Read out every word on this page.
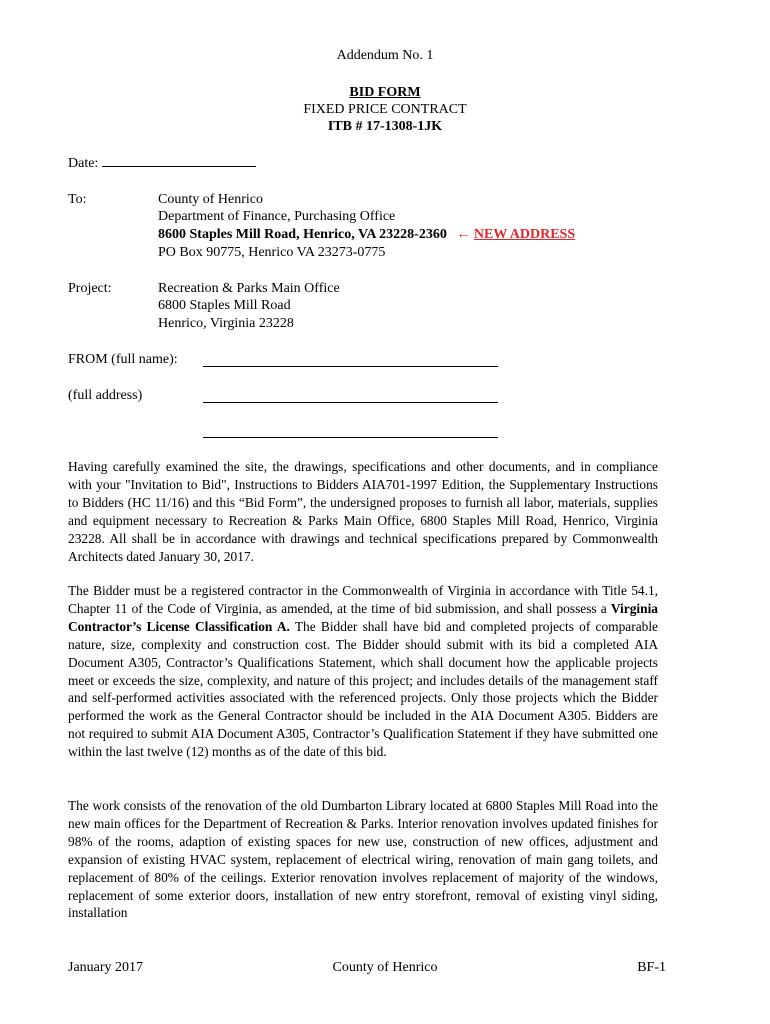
Addendum No. 1
BID FORM
FIXED PRICE CONTRACT
ITB # 17-1308-1JK
Date:
To:	County of Henrico
Department of Finance, Purchasing Office
8600 Staples Mill Road, Henrico, VA 23228-2360 ← NEW ADDRESS
PO Box 90775, Henrico VA 23273-0775
Project:	Recreation & Parks Main Office
6800 Staples Mill Road
Henrico, Virginia 23228
FROM (full name):
(full address)

Having carefully examined the site, the drawings, specifications and other documents, and in compliance with your "Invitation to Bid", Instructions to Bidders AIA701-1997 Edition, the Supplementary Instructions to Bidders (HC 11/16) and this “Bid Form”, the undersigned proposes to furnish all labor, materials, supplies and equipment necessary to Recreation & Parks Main Office, 6800 Staples Mill Road, Henrico, Virginia 23228. All shall be in accordance with drawings and technical specifications prepared by Commonwealth Architects dated January 30, 2017.

The Bidder must be a registered contractor in the Commonwealth of Virginia in accordance with Title 54.1, Chapter 11 of the Code of Virginia, as amended, at the time of bid submission, and shall possess a Virginia Contractor’s License Classification A. The Bidder shall have bid and completed projects of comparable nature, size, complexity and construction cost. The Bidder should submit with its bid a completed AIA Document A305, Contractor’s Qualifications Statement, which shall document how the applicable projects meet or exceeds the size, complexity, and nature of this project; and includes details of the management staff and self-performed activities associated with the referenced projects. Only those projects which the Bidder performed the work as the General Contractor should be included in the AIA Document A305. Bidders are not required to submit AIA Document A305, Contractor’s Qualification Statement if they have submitted one within the last twelve (12) months as of the date of this bid.

The work consists of the renovation of the old Dumbarton Library located at 6800 Staples Mill Road into the new main offices for the Department of Recreation & Parks. Interior renovation involves updated finishes for 98% of the rooms, adaption of existing spaces for new use, construction of new offices, adjustment and expansion of existing HVAC system, replacement of electrical wiring, renovation of main gang toilets, and replacement of 80% of the ceilings. Exterior renovation involves replacement of majority of the windows, replacement of some exterior doors, installation of new entry storefront, removal of existing vinyl siding, installation

January 2017	County of Henrico	BF-1
